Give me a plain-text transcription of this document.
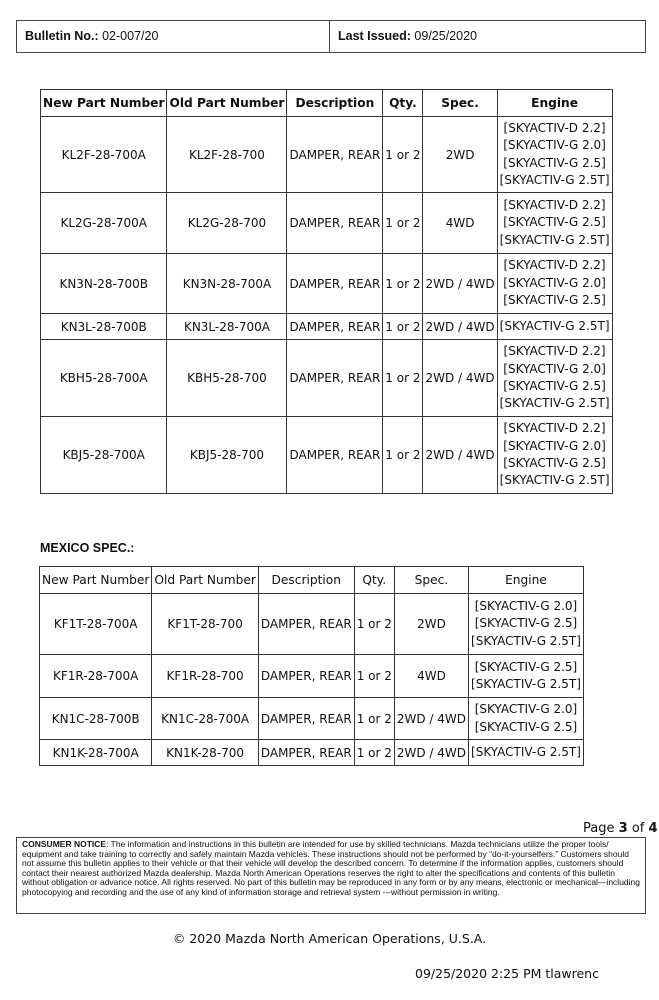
Bulletin No.: 02-007/20	Last Issued: 09/25/2020
New Part Number	Old Part Number	Description	Qty.	Spec.	Engine
KL2F-28-700A	KL2F-28-700	DAMPER, REAR	1 or 2	2WD	[SKYACTIV-D 2.2]
[SKYACTIV-G 2.0]
[SKYACTIV-G 2.5]
[SKYACTIV-G 2.5T]

KL2G-28-700A	KL2G-28-700	DAMPER, REAR	1 or 2	4WD	[SKYACTIV-D 2.2]
[SKYACTIV-G 2.5]
[SKYACTIV-G 2.5T]

KN3N-28-700B	KN3N-28-700A	DAMPER, REAR	1 or 2	2WD / 4WD	[SKYACTIV-D 2.2]
[SKYACTIV-G 2.0]
[SKYACTIV-G 2.5]

KN3L-28-700B	KN3L-28-700A	DAMPER, REAR	1 or 2	2WD / 4WD	[SKYACTIV-G 2.5T]

KBH5-28-700A	KBH5-28-700	DAMPER, REAR	1 or 2	2WD / 4WD	[SKYACTIV-D 2.2]
[SKYACTIV-G 2.0]
[SKYACTIV-G 2.5]
[SKYACTIV-G 2.5T]

KBJ5-28-700A	KBJ5-28-700	DAMPER, REAR	1 or 2	2WD / 4WD	[SKYACTIV-D 2.2]
[SKYACTIV-G 2.0]
[SKYACTIV-G 2.5]
[SKYACTIV-G 2.5T]
MEXICO SPEC.:
New Part Number	Old Part Number	Description	Qty.	Spec.	Engine
KF1T-28-700A	KF1T-28-700	DAMPER, REAR	1 or 2	2WD	[SKYACTIV-G 2.0]
[SKYACTIV-G 2.5]
[SKYACTIV-G 2.5T]

KF1R-28-700A	KF1R-28-700	DAMPER, REAR	1 or 2	4WD	[SKYACTIV-G 2.5]
[SKYACTIV-G 2.5T]

KN1C-28-700B	KN1C-28-700A	DAMPER, REAR	1 or 2	2WD / 4WD	[SKYACTIV-G 2.0]
[SKYACTIV-G 2.5]

KN1K-28-700A	KN1K-28-700	DAMPER, REAR	1 or 2	2WD / 4WD	[SKYACTIV-G 2.5T]
Page 3 of 4
CONSUMER NOTICE: The information and instructions in this bulletin are intended for use by skilled technicians. Mazda technicians utilize the proper tools/ equipment and take training to correctly and safely maintain Mazda vehicles. These instructions should not be performed by “do-it-yourselfers.” Customers should not assume this bulletin applies to their vehicle or that their vehicle will develop the described concern. To determine if the information applies, customers should contact their nearest authorized Mazda dealership. Mazda North American Operations reserves the right to alter the specifications and contents of this bulletin without obligation or advance notice. All rights reserved. No part of this bulletin may be reproduced in any form or by any means, electronic or mechanical—including photocopying and recording and the use of any kind of information storage and retrieval system ---without permission in writing.
© 2020 Mazda North American Operations, U.S.A.
09/25/2020 2:25 PM tlawrenc
